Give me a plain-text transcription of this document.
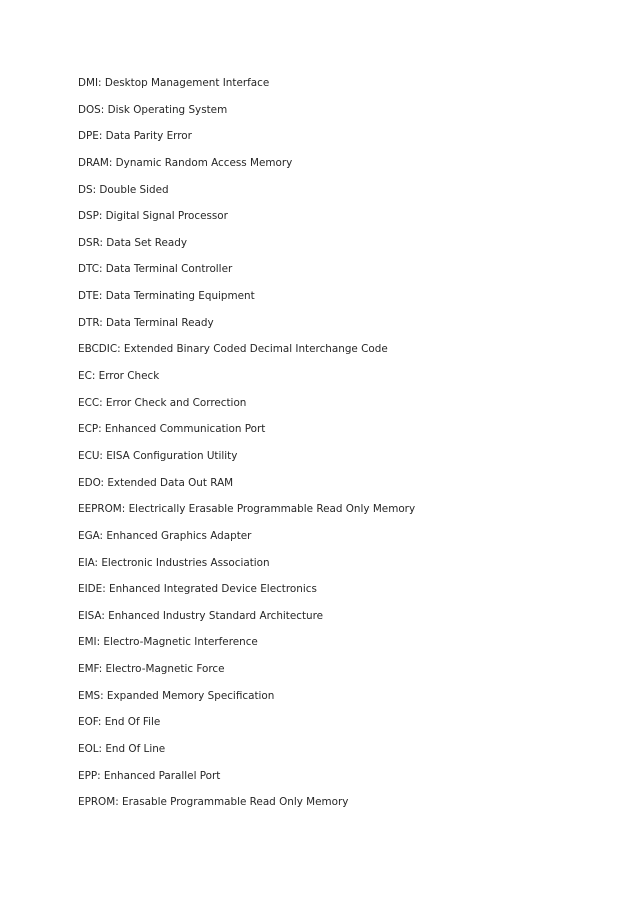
DMI: Desktop Management Interface
DOS: Disk Operating System
DPE: Data Parity Error
DRAM: Dynamic Random Access Memory
DS: Double Sided
DSP: Digital Signal Processor
DSR: Data Set Ready
DTC: Data Terminal Controller
DTE: Data Terminating Equipment
DTR: Data Terminal Ready
EBCDIC: Extended Binary Coded Decimal Interchange Code
EC: Error Check
ECC: Error Check and Correction
ECP: Enhanced Communication Port
ECU: EISA Configuration Utility
EDO: Extended Data Out RAM
EEPROM: Electrically Erasable Programmable Read Only Memory
EGA: Enhanced Graphics Adapter
EIA: Electronic Industries Association
EIDE: Enhanced Integrated Device Electronics
EISA: Enhanced Industry Standard Architecture
EMI: Electro-Magnetic Interference
EMF: Electro-Magnetic Force
EMS: Expanded Memory Specification
EOF: End Of File
EOL: End Of Line
EPP: Enhanced Parallel Port
EPROM: Erasable Programmable Read Only Memory
